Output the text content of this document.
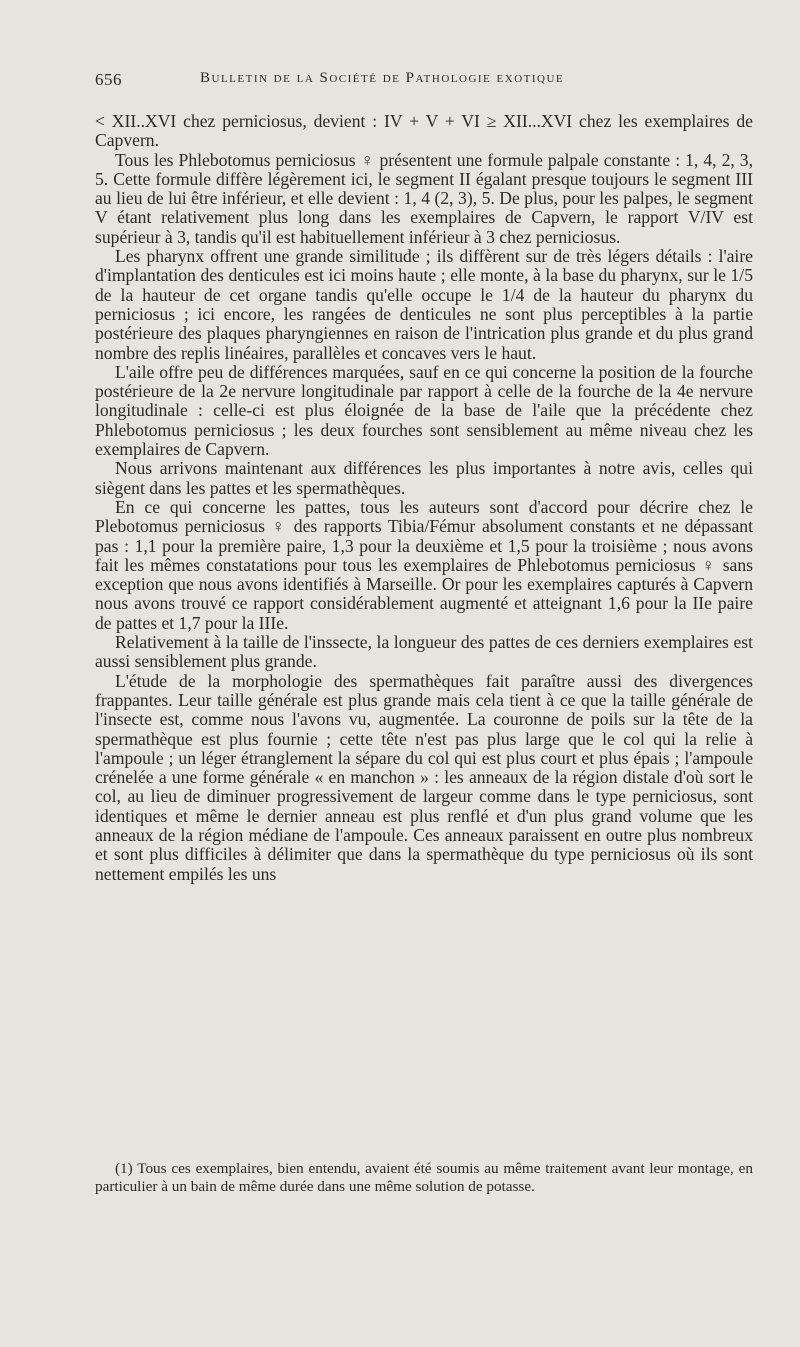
656	Bulletin de la Société de Pathologie exotique

< XII..XVI chez perniciosus, devient : IV + V + VI ≥ XII...XVI chez les exemplaires de Capvern.

Tous les Phlebotomus perniciosus ♀ présentent une formule palpale constante : 1, 4, 2, 3, 5. Cette formule diffère légèrement ici, le segment II égalant presque toujours le segment III au lieu de lui être inférieur, et elle devient : 1, 4 (2, 3), 5. De plus, pour les palpes, le segment V étant relativement plus long dans les exemplaires de Capvern, le rapport V/IV est supérieur à 3, tandis qu'il est habituellement inférieur à 3 chez perniciosus.

Les pharynx offrent une grande similitude ; ils diffèrent sur de très légers détails : l'aire d'implantation des denticules est ici moins haute ; elle monte, à la base du pharynx, sur le 1/5 de la hauteur de cet organe tandis qu'elle occupe le 1/4 de la hauteur du pharynx du perniciosus ; ici encore, les rangées de denticules ne sont plus perceptibles à la partie postérieure des plaques pharyngiennes en raison de l'intrication plus grande et du plus grand nombre des replis linéaires, parallèles et concaves vers le haut.

L'aile offre peu de différences marquées, sauf en ce qui concerne la position de la fourche postérieure de la 2e nervure longitudinale par rapport à celle de la fourche de la 4e nervure longitudinale : celle-ci est plus éloignée de la base de l'aile que la précédente chez Phlebotomus perniciosus ; les deux fourches sont sensiblement au même niveau chez les exemplaires de Capvern.

Nous arrivons maintenant aux différences les plus importantes à notre avis, celles qui siègent dans les pattes et les spermathèques.

En ce qui concerne les pattes, tous les auteurs sont d'accord pour décrire chez le Plebotomus perniciosus ♀ des rapports Tibia/Fémur absolument constants et ne dépassant pas : 1,1 pour la première paire, 1,3 pour la deuxième et 1,5 pour la troisième ; nous avons fait les mêmes constatations pour tous les exemplaires de Phlebotomus perniciosus ♀ sans exception que nous avons identifiés à Marseille. Or pour les exemplaires capturés à Capvern nous avons trouvé ce rapport considérablement augmenté et atteignant 1,6 pour la IIe paire de pattes et 1,7 pour la IIIe.

Relativement à la taille de l'inssecte, la longueur des pattes de ces derniers exemplaires est aussi sensiblement plus grande.

L'étude de la morphologie des spermathèques fait paraître aussi des divergences frappantes. Leur taille générale est plus grande mais cela tient à ce que la taille générale de l'insecte est, comme nous l'avons vu, augmentée. La couronne de poils sur la tête de la spermathèque est plus fournie ; cette tête n'est pas plus large que le col qui la relie à l'ampoule ; un léger étranglement la sépare du col qui est plus court et plus épais ; l'ampoule crénelée a une forme générale « en manchon » : les anneaux de la région distale d'où sort le col, au lieu de diminuer progressivement de largeur comme dans le type perniciosus, sont identiques et même le dernier anneau est plus renflé et d'un plus grand volume que les anneaux de la région médiane de l'ampoule. Ces anneaux paraissent en outre plus nombreux et sont plus difficiles à délimiter que dans la spermathèque du type perniciosus où ils sont nettement empilés les uns

(1) Tous ces exemplaires, bien entendu, avaient été soumis au même traitement avant leur montage, en particulier à un bain de même durée dans une même solution de potasse.
